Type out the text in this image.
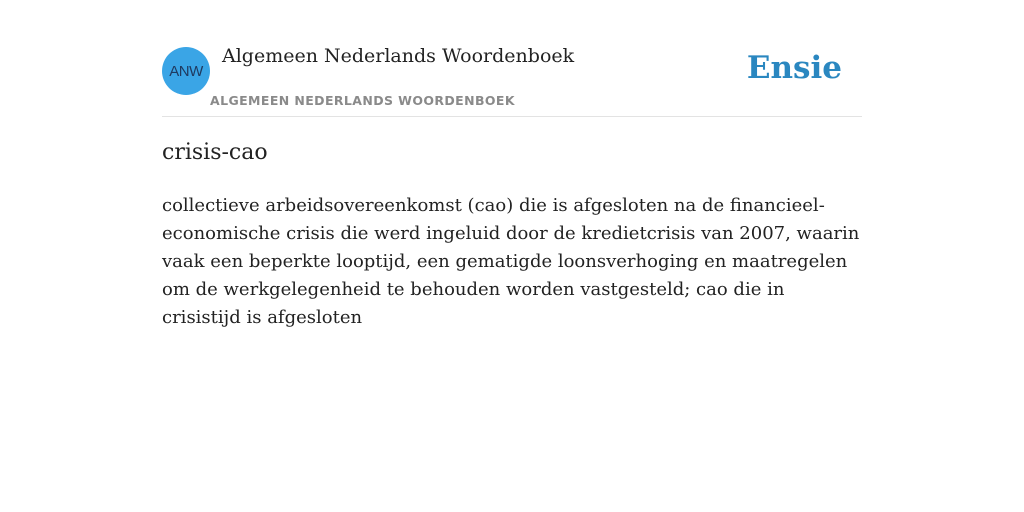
ANW
Algemeen Nederlands Woordenboek
ALGEMEEN NEDERLANDS WOORDENBOEK
Ensie
crisis-cao
collectieve arbeidsovereenkomst (cao) die is afgesloten na de financieel-economische crisis die werd ingeluid door de kredietcrisis van 2007, waarin vaak een beperkte looptijd, een gematigde loonsverhoging en maatregelen om de werkgelegenheid te behouden worden vastgesteld; cao die in crisistijd is afgesloten
